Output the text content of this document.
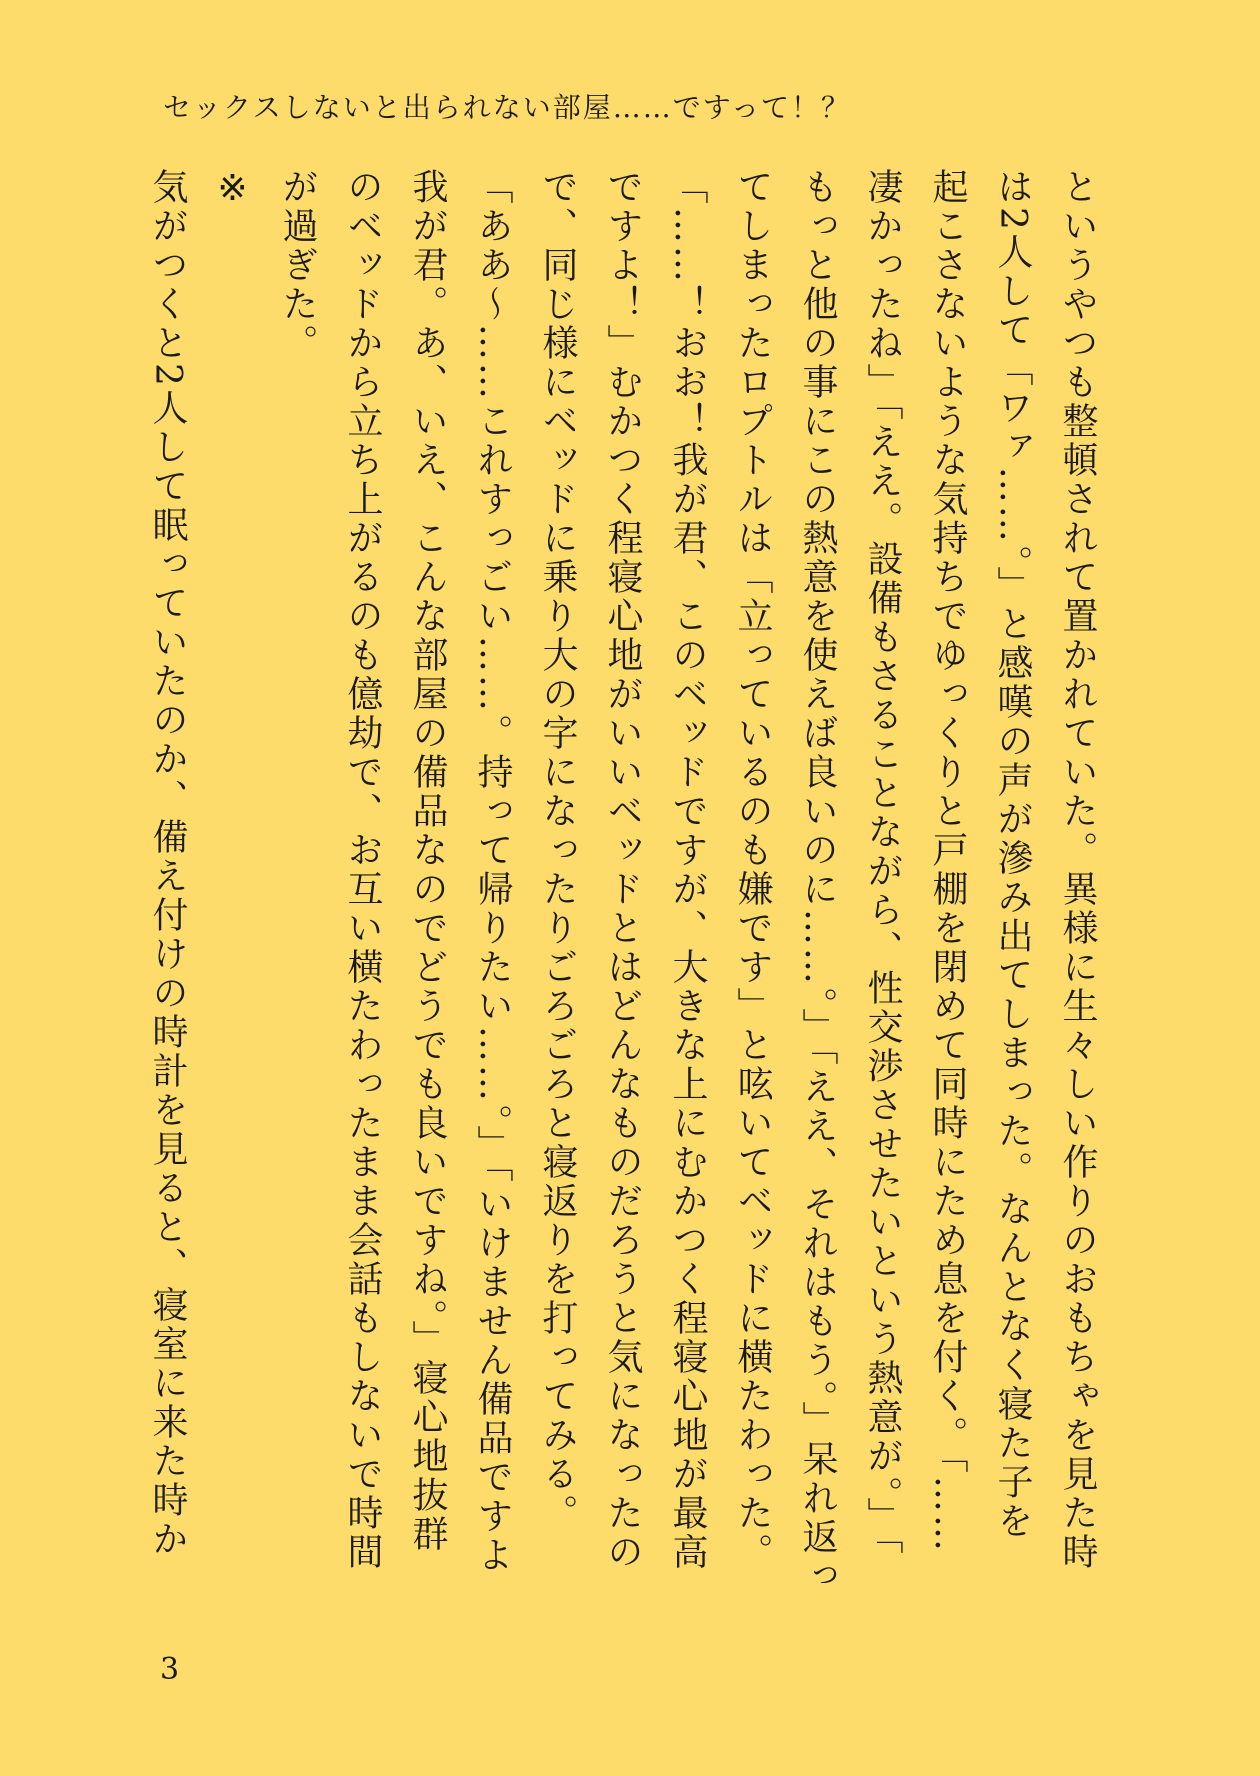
セックスしないと出られない部屋……ですって！？

というやつも整頓されて置かれていた。異様に生々しい作りのおもちゃを見た時

は2人して「ワァ……。」と感嘆の声が滲み出てしまった。なんとなく寝た子を

起こさないような気持ちでゆっくりと戸棚を閉めて同時にため息を付く。「……

凄かったね」「ええ。設備もさることながら、性交渉させたいという熱意が。」「

もっと他の事にこの熱意を使えば良いのに……。」「ええ、それはもう。」呆れ返っ

てしまったロプトルは「立っているのも嫌です」と呟いてベッドに横たわった。

「……！おお！我が君、このベッドですが、大きな上にむかつく程寝心地が最高

ですよ！」むかつく程寝心地がいいベッドとはどんなものだろうと気になったの

で、同じ様にベッドに乗り大の字になったりごろごろと寝返りを打ってみる。

「ああ〜……これすっごい……。持って帰りたい……。」「いけません備品ですよ

我が君。あ、いえ、こんな部屋の備品なのでどうでも良いですね。」寝心地抜群

のベッドから立ち上がるのも億劫で、お互い横たわったまま会話もしないで時間

が過ぎた。

※

気がつくと2人して眠っていたのか、備え付けの時計を見ると、寝室に来た時か

3
